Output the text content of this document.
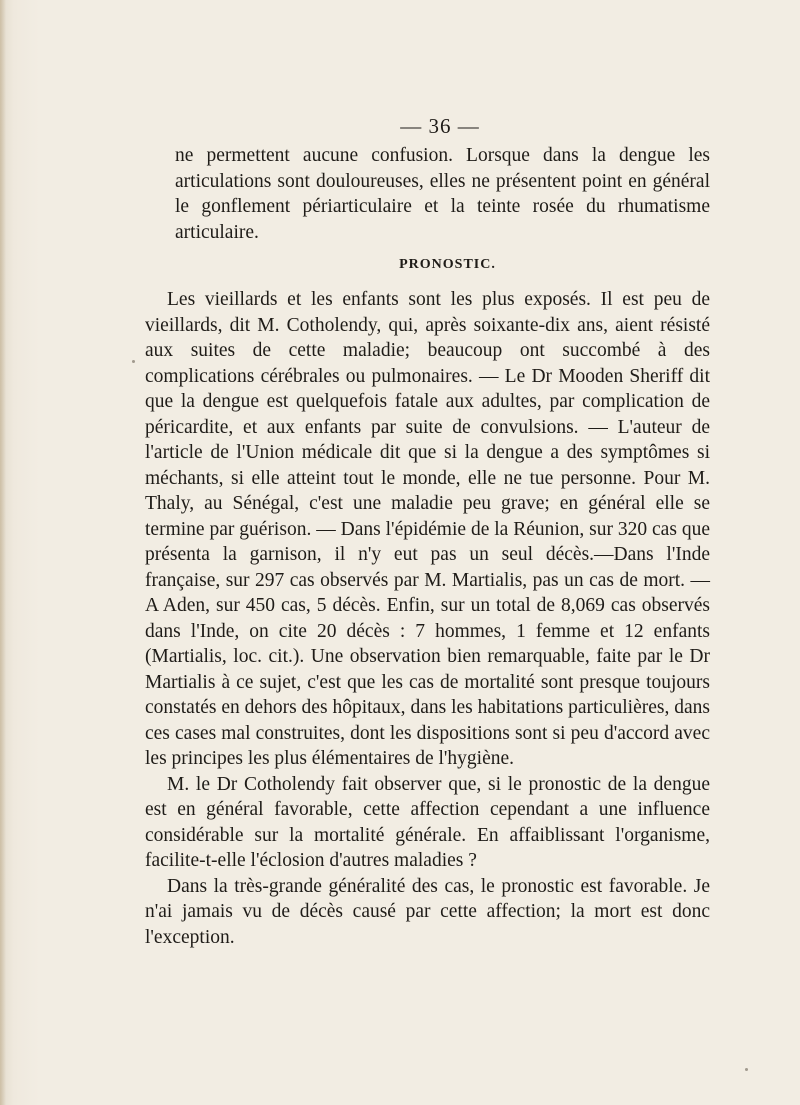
— 36 —

ne permettent aucune confusion. Lorsque dans la dengue les articulations sont douloureuses, elles ne présentent point en général le gonflement périarticulaire et la teinte rosée du rhumatisme articulaire.

PRONOSTIC.

Les vieillards et les enfants sont les plus exposés. Il est peu de vieillards, dit M. Cotholendy, qui, après soixante-dix ans, aient résisté aux suites de cette maladie; beaucoup ont succombé à des complications cérébrales ou pulmonaires. — Le Dr Mooden Sheriff dit que la dengue est quelquefois fatale aux adultes, par complication de péricardite, et aux enfants par suite de convulsions. — L'auteur de l'article de l'Union médicale dit que si la dengue a des symptômes si méchants, si elle atteint tout le monde, elle ne tue personne. Pour M. Thaly, au Sénégal, c'est une maladie peu grave; en général elle se termine par guérison. — Dans l'épidémie de la Réunion, sur 320 cas que présenta la garnison, il n'y eut pas un seul décès.—Dans l'Inde française, sur 297 cas observés par M. Martialis, pas un cas de mort. — A Aden, sur 450 cas, 5 décès. Enfin, sur un total de 8,069 cas observés dans l'Inde, on cite 20 décès : 7 hommes, 1 femme et 12 enfants (Martialis, loc. cit.). Une observation bien remarquable, faite par le Dr Martialis à ce sujet, c'est que les cas de mortalité sont presque toujours constatés en dehors des hôpitaux, dans les habitations particulières, dans ces cases mal construites, dont les dispositions sont si peu d'accord avec les principes les plus élémentaires de l'hygiène.

M. le Dr Cotholendy fait observer que, si le pronostic de la dengue est en général favorable, cette affection cependant a une influence considérable sur la mortalité générale. En affaiblissant l'organisme, facilite-t-elle l'éclosion d'autres maladies ?

Dans la très-grande généralité des cas, le pronostic est favorable. Je n'ai jamais vu de décès causé par cette affection; la mort est donc l'exception.
